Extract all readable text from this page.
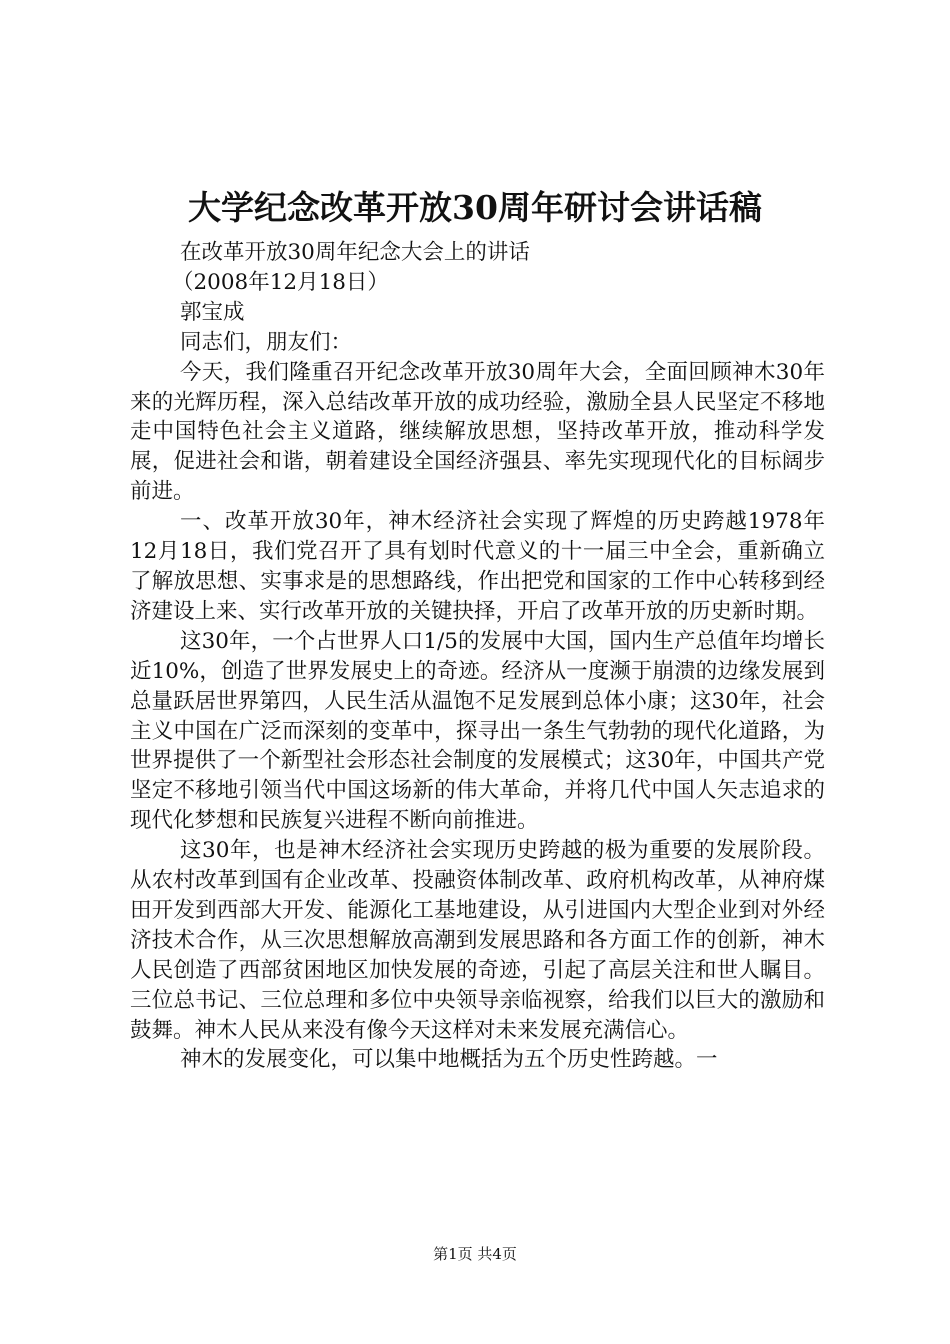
大学纪念改革开放30周年研讨会讲话稿

在改革开放30周年纪念大会上的讲话

（2008年12月18日）

郭宝成

同志们，朋友们：

今天，我们隆重召开纪念改革开放30周年大会，全面回顾神木30年来的光辉历程，深入总结改革开放的成功经验，激励全县人民坚定不移地走中国特色社会主义道路，继续解放思想，坚持改革开放，推动科学发展，促进社会和谐，朝着建设全国经济强县、率先实现现代化的目标阔步前进。

一、改革开放30年，神木经济社会实现了辉煌的历史跨越1978年12月18日，我们党召开了具有划时代意义的十一届三中全会，重新确立了解放思想、实事求是的思想路线，作出把党和国家的工作中心转移到经济建设上来、实行改革开放的关键抉择，开启了改革开放的历史新时期。

这30年，一个占世界人口1/5的发展中大国，国内生产总值年均增长近10%，创造了世界发展史上的奇迹。经济从一度濒于崩溃的边缘发展到总量跃居世界第四，人民生活从温饱不足发展到总体小康；这30年，社会主义中国在广泛而深刻的变革中，探寻出一条生气勃勃的现代化道路，为世界提供了一个新型社会形态社会制度的发展模式；这30年，中国共产党坚定不移地引领当代中国这场新的伟大革命，并将几代中国人矢志追求的现代化梦想和民族复兴进程不断向前推进。

这30年，也是神木经济社会实现历史跨越的极为重要的发展阶段。从农村改革到国有企业改革、投融资体制改革、政府机构改革，从神府煤田开发到西部大开发、能源化工基地建设，从引进国内大型企业到对外经济技术合作，从三次思想解放高潮到发展思路和各方面工作的创新，神木人民创造了西部贫困地区加快发展的奇迹，引起了高层关注和世人瞩目。三位总书记、三位总理和多位中央领导亲临视察，给我们以巨大的激励和鼓舞。神木人民从来没有像今天这样对未来发展充满信心。

神木的发展变化，可以集中地概括为五个历史性跨越。一

第1页 共4页
